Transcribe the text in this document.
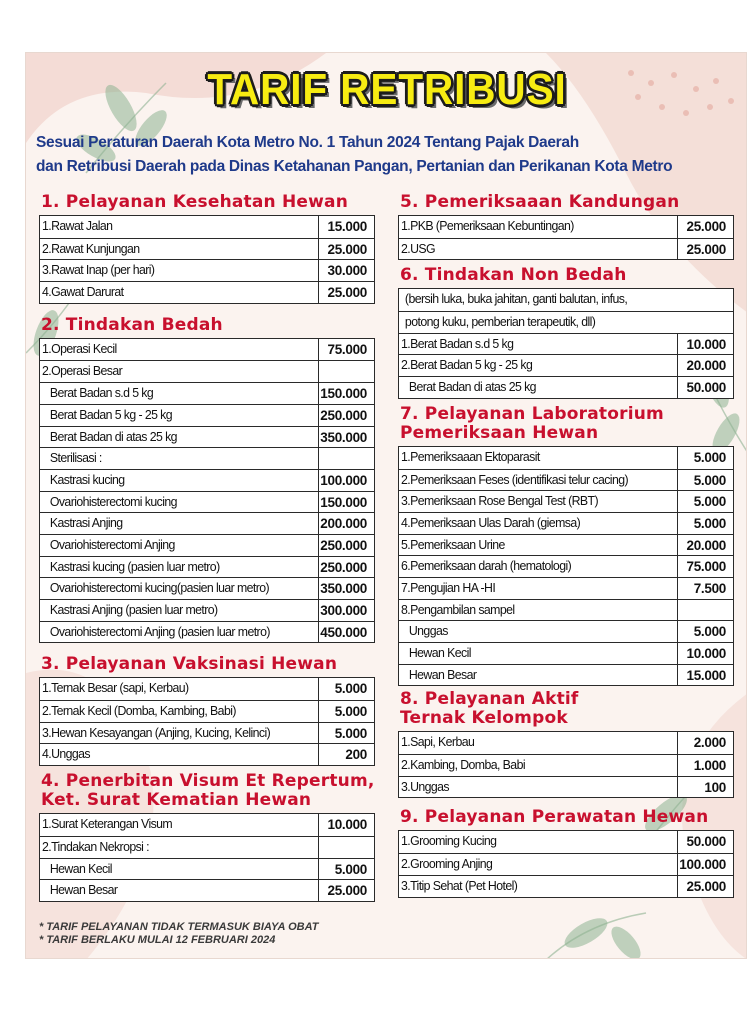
TARIF RETRIBUSI
Sesuai Peraturan Daerah Kota Metro No. 1 Tahun 2024 Tentang Pajak Daerah
dan Retribusi Daerah pada Dinas Ketahanan Pangan, Pertanian dan Perikanan Kota Metro
1. Pelayanan Kesehatan Hewan
1.Rawat Jalan	15.000
2.Rawat Kunjungan	25.000
3.Rawat Inap (per hari)	30.000
4.Gawat Darurat	25.000
2. Tindakan Bedah
1.Operasi Kecil	75.000
2.Operasi Besar
Berat Badan s.d 5 kg	150.000
Berat Badan 5 kg - 25 kg	250.000
Berat Badan di atas 25 kg	350.000
Sterilisasi :
Kastrasi kucing	100.000
Ovariohisterectomi kucing	150.000
Kastrasi Anjing	200.000
Ovariohisterectomi Anjing	250.000
Kastrasi kucing (pasien luar metro)	250.000
Ovariohisterectomi kucing(pasien luar metro)	350.000
Kastrasi Anjing (pasien luar metro)	300.000
Ovariohisterectomi Anjing (pasien luar metro)	450.000
3. Pelayanan Vaksinasi Hewan
1.Ternak Besar (sapi, Kerbau)	5.000
2.Ternak Kecil (Domba, Kambing, Babi)	5.000
3.Hewan Kesayangan (Anjing, Kucing, Kelinci)	5.000
4.Unggas	200
4. Penerbitan Visum Et Repertum,
Ket. Surat Kematian Hewan
1.Surat Keterangan Visum	10.000
2.Tindakan Nekropsi :
Hewan Kecil	5.000
Hewan Besar	25.000
5. Pemeriksaaan Kandungan
1.PKB (Pemeriksaan Kebuntingan)	25.000
2.USG	25.000
6. Tindakan Non Bedah
(bersih luka, buka jahitan, ganti balutan, infus,
potong kuku, pemberian terapeutik, dll)
1.Berat Badan s.d 5 kg	10.000
2.Berat Badan 5 kg - 25 kg	20.000
Berat Badan di atas 25 kg	50.000
7. Pelayanan Laboratorium
Pemeriksaan Hewan
1.Pemeriksaaan Ektoparasit	5.000
2.Pemeriksaan Feses (identifikasi telur cacing)	5.000
3.Pemeriksaan Rose Bengal Test (RBT)	5.000
4.Pemeriksaan Ulas Darah (giemsa)	5.000
5.Pemeriksaan Urine	20.000
6.Pemeriksaan darah (hematologi)	75.000
7.Pengujian HA -HI	7.500
8.Pengambilan sampel
Unggas	5.000
Hewan Kecil	10.000
Hewan Besar	15.000
8. Pelayanan Aktif
Ternak Kelompok
1.Sapi, Kerbau	2.000
2.Kambing, Domba, Babi	1.000
3.Unggas	100
9. Pelayanan Perawatan Hewan
1.Grooming Kucing	50.000
2.Grooming Anjing	100.000
3.Titip Sehat (Pet Hotel)	25.000
* TARIF PELAYANAN TIDAK TERMASUK BIAYA OBAT
* TARIF BERLAKU MULAI 12 FEBRUARI 2024
